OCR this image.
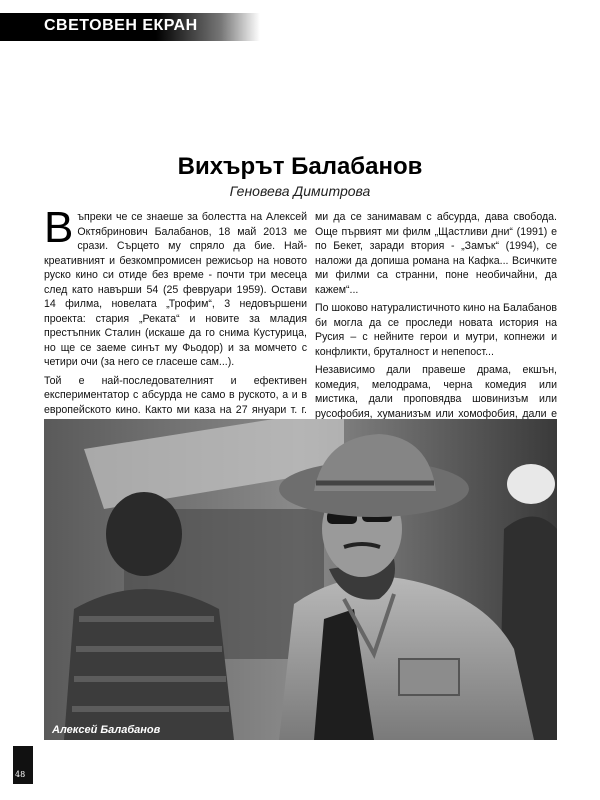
СВЕТОВЕН ЕКРАН
Вихърът Балабанов
Геновева Димитрова

Въпреки че се знаеше за болестта на Алексей Октябринович Балабанов, 18 май 2013 ме срази. Сърцето му спряло да бие. Най-креативният и безкомпромисен режисьор на новото руско кино си отиде без време - почти три месеца след като навърши 54 (25 февруари 1959). Остави 14 филма, новелата „Трофим“, 3 недовършени проекта: стария „Реката“ и новите за младия престъпник Сталин (искаше да го снима Кустурица, но ще се заеме синът му Фьодор) и за момчето с четири очи (за него се гласеше сам...).

Той е най-последователният и ефективен експериментатор с абсурда не само в руското, а и в европейското кино. Както ми каза на 27 януари т. г.

ми да се занимавам с абсурда, дава свобода. Още първият ми филм „Щастливи дни“ (1991) е по Бекет, заради втория - „Замък“ (1994), се наложи да допиша романа на Кафка... Всичките ми филми са странни, поне необичайни, да кажем“...

По шоково натуралистичното кино на Балабанов би могла да се проследи новата история на Русия – с нейните герои и мутри, копнежи и конфликти, бруталност и непепост...

Независимо дали правеше драма, екшън, комедия, мелодрама, черна комедия или мистика, дали проповядва шовинизъм или русофобия, хуманизъм или хомофобия, дали е

Алексей Балабанов
48
